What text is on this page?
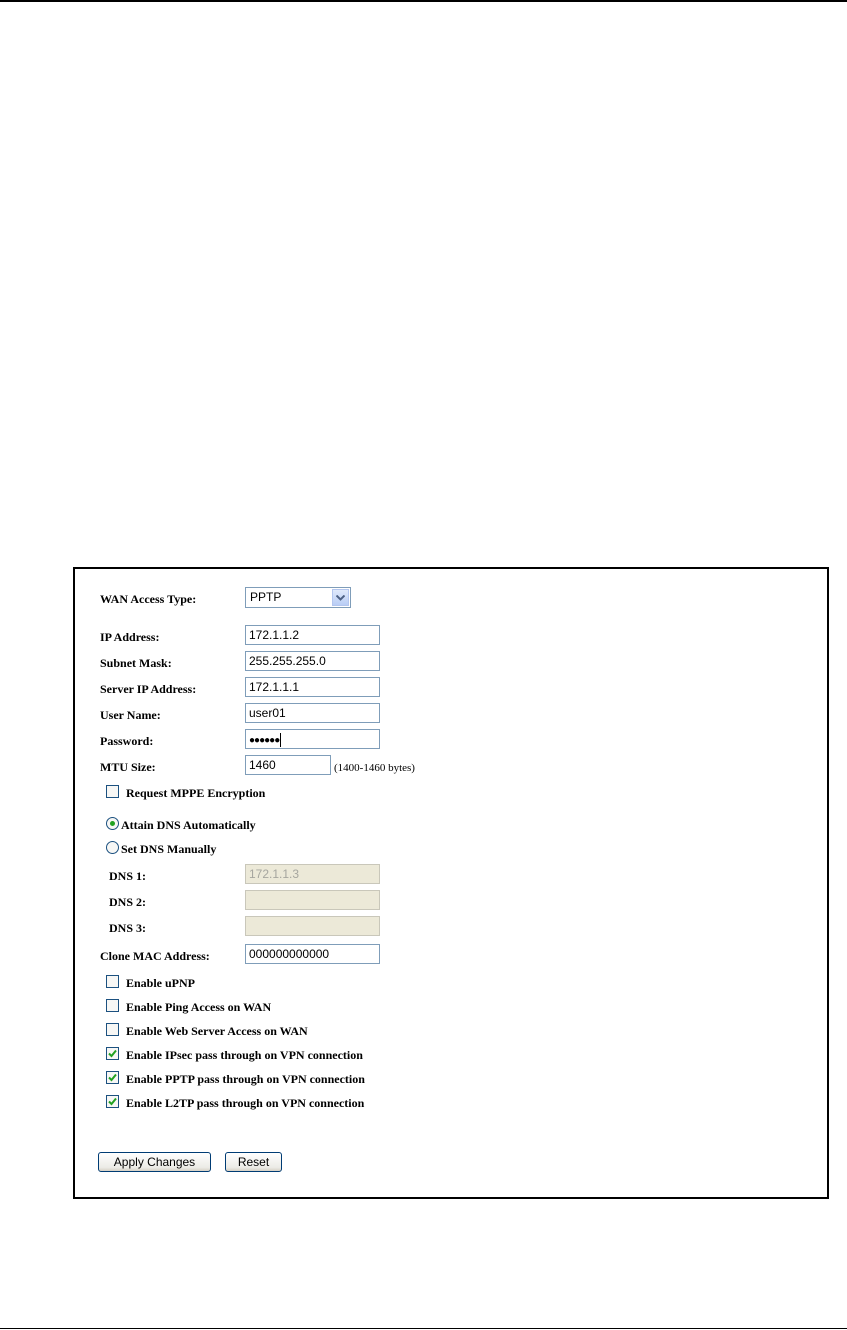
WAN Access Type:	PPTP
IP Address:	172.1.1.2
Subnet Mask:	255.255.255.0
Server IP Address:	172.1.1.1
User Name:	user01
Password:	●●●●●●
MTU Size:	1460	(1400-1460 bytes)
Request MPPE Encryption
Attain DNS Automatically
Set DNS Manually
DNS 1:	172.1.1.3
DNS 2:
DNS 3:
Clone MAC Address:	000000000000
Enable uPNP
Enable Ping Access on WAN
Enable Web Server Access on WAN
Enable IPsec pass through on VPN connection
Enable PPTP pass through on VPN connection
Enable L2TP pass through on VPN connection
Apply Changes	Reset
